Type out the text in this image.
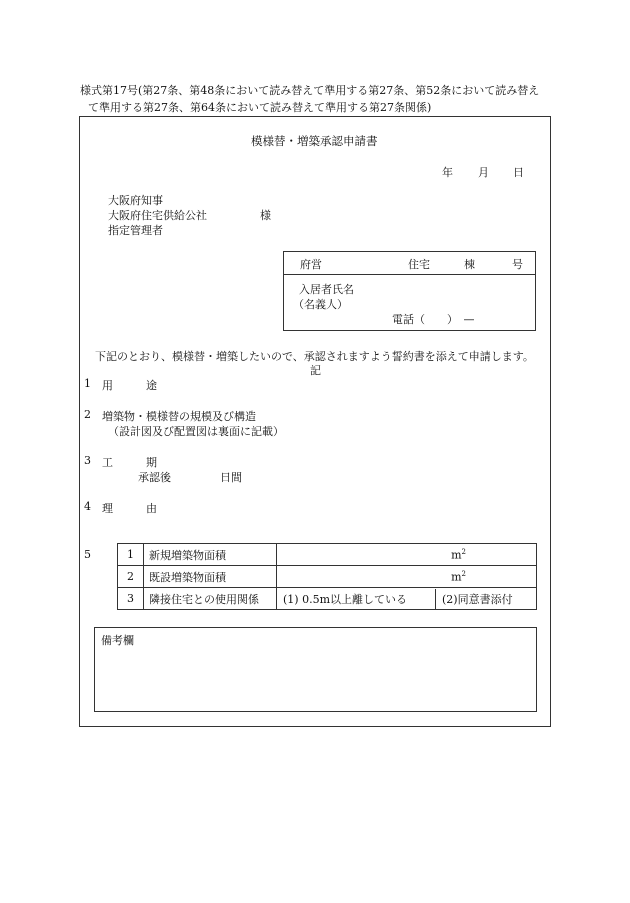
様式第17号(第27条、第48条において読み替えて準用する第27条、第52条において読み替え
て準用する第27条、第64条において読み替えて準用する第27条関係)
模様替・増築承認申請書
年 月 日
大阪府知事
大阪府住宅供給公社
指定管理者
様
府営	住宅	棟	号
入居者氏名
（名義人）
電話（　　）　—
下記のとおり、模様替・増築したいので、承認されますよう誓約書を添えて申請します。
記
1 用　　　途
2 増築物・模様替の規模及び構造
（設計図及び配置図は裏面に記載）
3 工　　　期
承認後	日間
4 理　　　由
5	1	新規増築物面積	$m^2$
2	既設増築物面積	$m^2$
3	隣接住宅との使用関係	(1) 0.5m以上離している (2)同意書添付
備考欄
